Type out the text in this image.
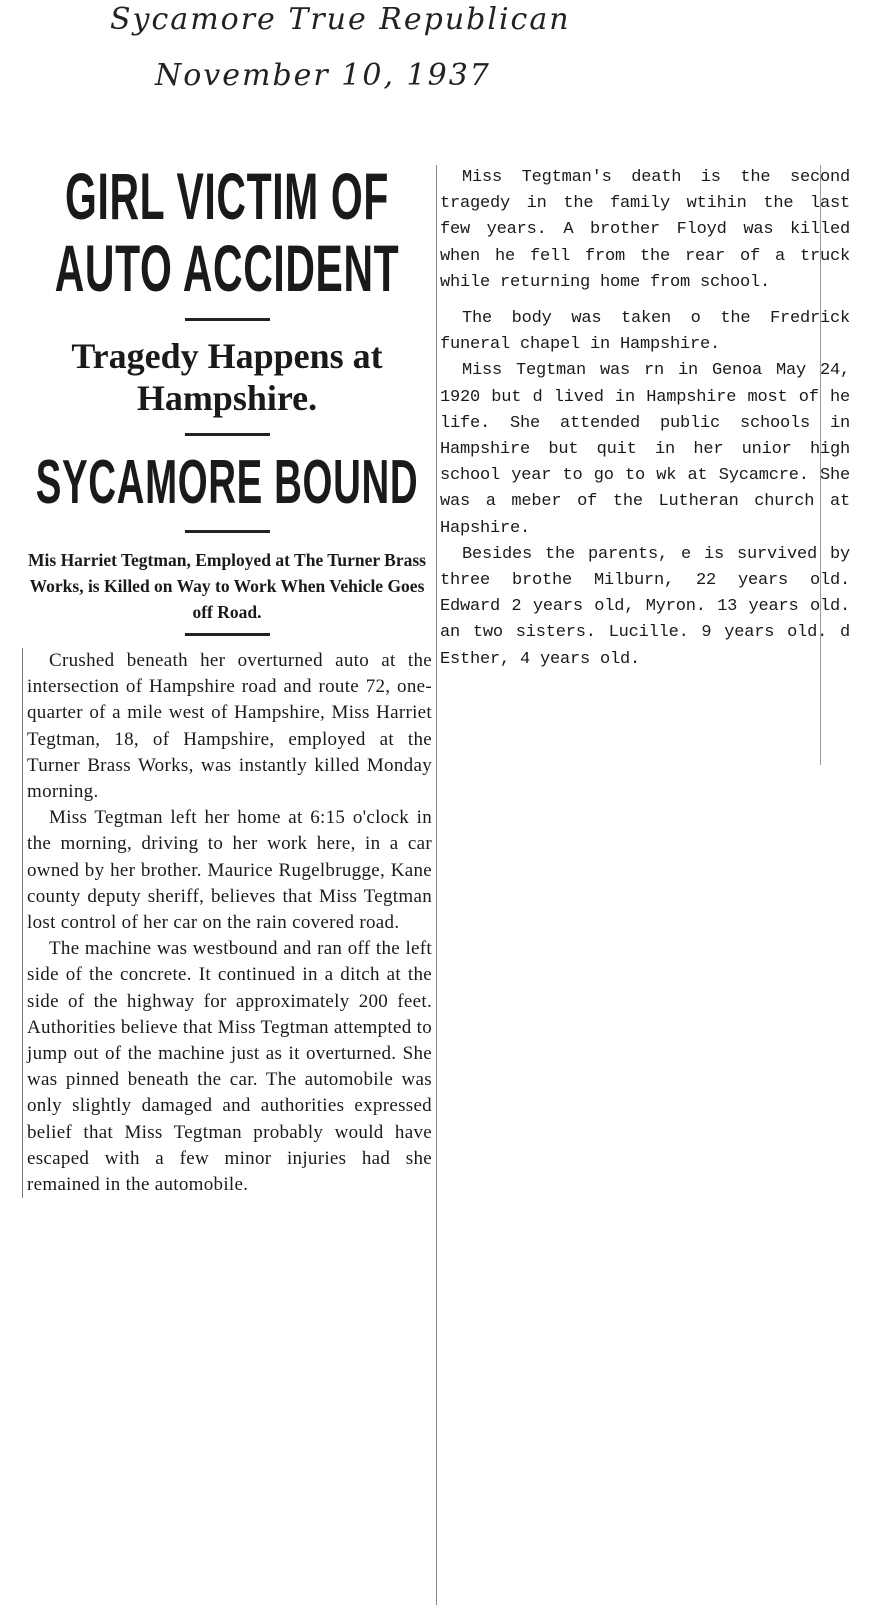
Sycamore True Republican
November 10, 1937
GIRL VICTIM OF
AUTO ACCIDENT

Tragedy Happens at Hampshire.

SYCAMORE BOUND

Mis Harriet Tegtman, Employed at The Turner Brass Works, is Killed on Way to Work When Vehicle Goes off Road.

Crushed beneath her overturned auto at the intersection of Hampshire road and route 72, one-quarter of a mile west of Hampshire, Miss Harriet Tegtman, 18, of Hampshire, employed at the Turner Brass Works, was instantly killed Monday morning.

Miss Tegtman left her home at 6:15 o'clock in the morning, driving to her work here, in a car owned by her brother. Maurice Rugelbrugge, Kane county deputy sheriff, believes that Miss Tegtman lost control of her car on the rain covered road.

The machine was westbound and ran off the left side of the concrete. It continued in a ditch at the side of the highway for approximately 200 feet. Authorities believe that Miss Tegtman attempted to jump out of the machine just as it overturned. She was pinned beneath the car. The automobile was only slightly damaged and authorities expressed belief that Miss Tegtman probably would have escaped with a few minor injuries had she remained in the automobile.

Miss Tegtman's death is the second tragedy in the family wtihin the last few years. A brother Floyd was killed when he fell from the rear of a truck while returning home from school.

The body was taken o the Fredrick funeral chapel in Hampshire.

Miss Tegtman was rn in Genoa May 24, 1920 but d lived in Hampshire most of he life. She attended public schools in Hampshire but quit in her unior high school year to go to wk at Sycamcre. She was a meber of the Lutheran church at Hapshire.

Besides the parents, e is survived by three brothe Milburn, 22 years old. Edward 2 years old, Myron. 13 years old. an two sisters. Lucille. 9 years old. d Esther, 4 years old.
